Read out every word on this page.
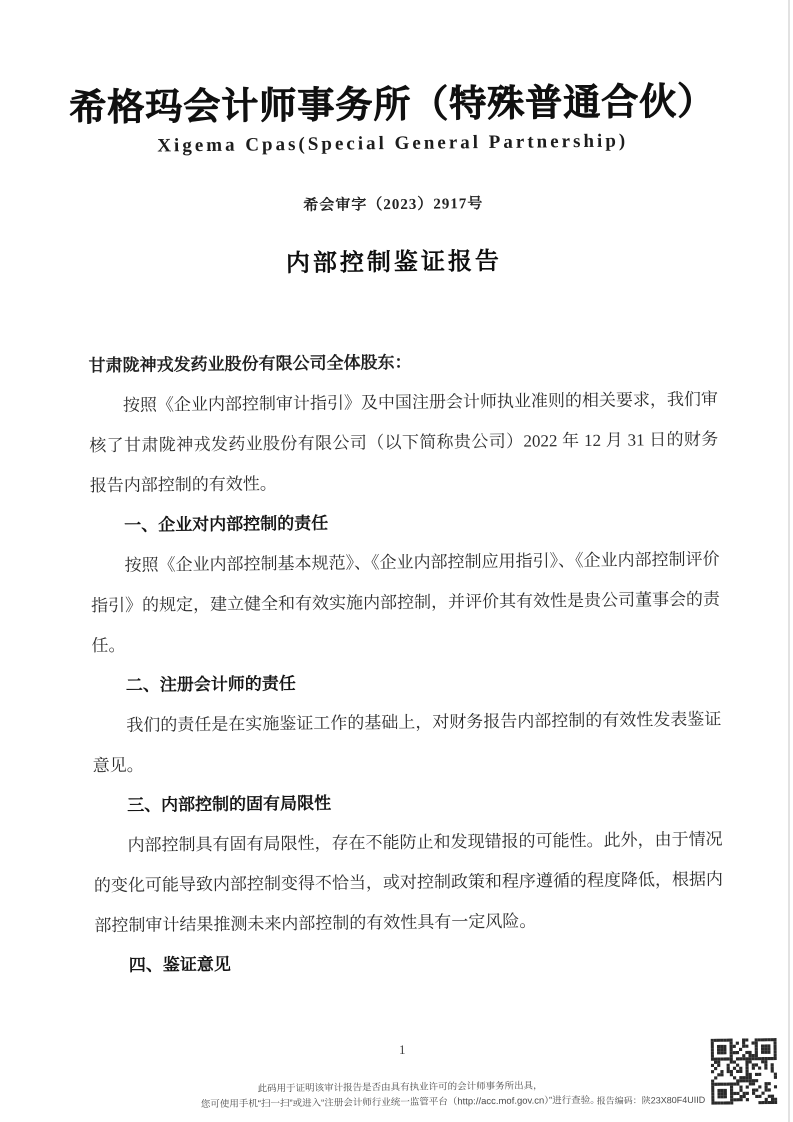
希格玛会计师事务所（特殊普通合伙）
Xigema Cpas(Special General Partnership)
希会审字（2023）2917号
内部控制鉴证报告

甘肃陇神戎发药业股份有限公司全体股东：

按照《企业内部控制审计指引》及中国注册会计师执业准则的相关要求，我们审核了甘肃陇神戎发药业股份有限公司（以下简称贵公司）2022 年 12 月 31 日的财务报告内部控制的有效性。

一、企业对内部控制的责任

按照《企业内部控制基本规范》、《企业内部控制应用指引》、《企业内部控制评价指引》的规定，建立健全和有效实施内部控制，并评价其有效性是贵公司董事会的责任。

二、注册会计师的责任

我们的责任是在实施鉴证工作的基础上，对财务报告内部控制的有效性发表鉴证意见。

三、内部控制的固有局限性

内部控制具有固有局限性，存在不能防止和发现错报的可能性。此外，由于情况的变化可能导致内部控制变得不恰当，或对控制政策和程序遵循的程度降低，根据内部控制审计结果推测未来内部控制的有效性具有一定风险。

四、鉴证意见

1
此码用于证明该审计报告是否由具有执业许可的会计师事务所出具，
您可使用手机“扫一扫”或进入“注册会计师行业统一监管平台（http://acc.mof.gov.cn）”进行查验。
报告编码：陕23X80F4UIID
